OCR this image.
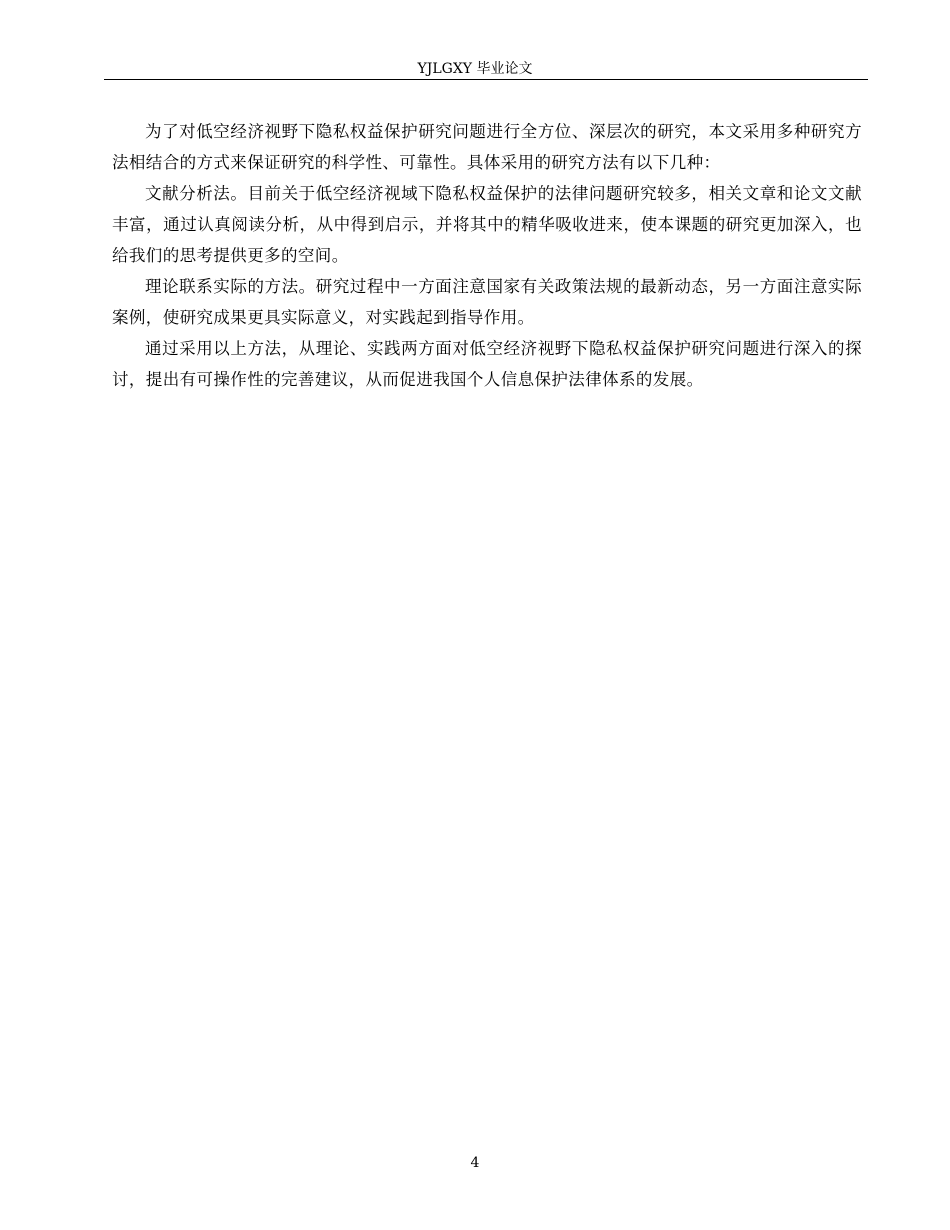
YJLGXY 毕业论文

为了对低空经济视野下隐私权益保护研究问题进行全方位、深层次的研究，本文采用多种研究方法相结合的方式来保证研究的科学性、可靠性。具体采用的研究方法有以下几种：

文献分析法。目前关于低空经济视域下隐私权益保护的法律问题研究较多，相关文章和论文文献丰富，通过认真阅读分析，从中得到启示，并将其中的精华吸收进来，使本课题的研究更加深入，也给我们的思考提供更多的空间。

理论联系实际的方法。研究过程中一方面注意国家有关政策法规的最新动态，另一方面注意实际案例，使研究成果更具实际意义，对实践起到指导作用。

通过采用以上方法，从理论、实践两方面对低空经济视野下隐私权益保护研究问题进行深入的探讨，提出有可操作性的完善建议，从而促进我国个人信息保护法律体系的发展。

4
